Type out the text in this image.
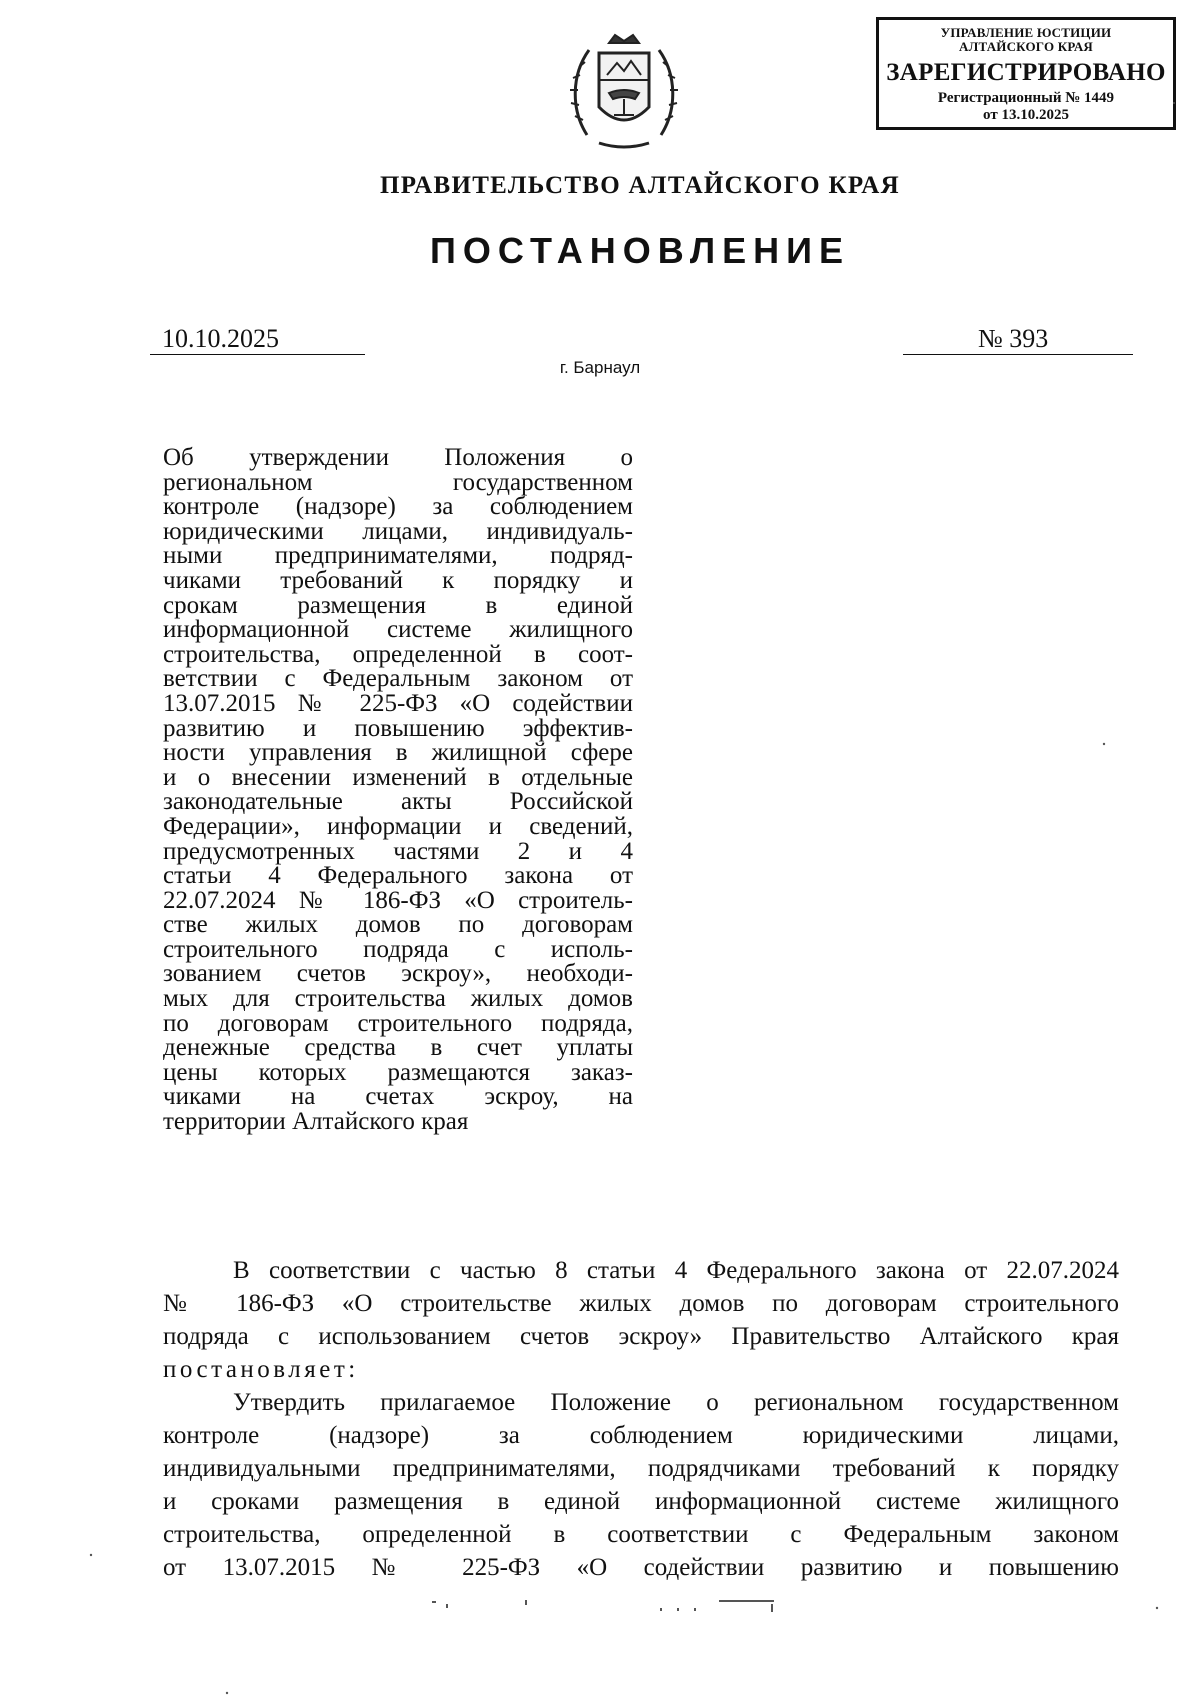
УПРАВЛЕНИЕ ЮСТИЦИИ
АЛТАЙСКОГО КРАЯ
ЗАРЕГИСТРИРОВАНО
Регистрационный № 1449
от 13.10.2025
ПРАВИТЕЛЬСТВО АЛТАЙСКОГО КРАЯ
ПОСТАНОВЛЕНИЕ
10.10.2025	№ 393
г. Барнаул
Об утверждении Положения о
региональном государственном
контроле (надзоре) за соблюдением
юридическими лицами, индивидуаль-
ными предпринимателями, подряд-
чиками требований к порядку и
срокам размещения в единой
информационной системе жилищного
строительства, определенной в соот-
ветствии с Федеральным законом от
13.07.2015 № 225-ФЗ «О содействии
развитию и повышению эффектив-
ности управления в жилищной сфере
и о внесении изменений в отдельные
законодательные акты Российской
Федерации», информации и сведений,
предусмотренных частями 2 и 4
статьи 4 Федерального закона от
22.07.2024 № 186-ФЗ «О строитель-
стве жилых домов по договорам
строительного подряда с исполь-
зованием счетов эскроу», необходи-
мых для строительства жилых домов
по договорам строительного подряда,
денежные средства в счет уплаты
цены которых размещаются заказ-
чиками на счетах эскроу, на
территории Алтайского края
В соответствии с частью 8 статьи 4 Федерального закона от 22.07.2024
№ 186-ФЗ «О строительстве жилых домов по договорам строительного
подряда с использованием счетов эскроу» Правительство Алтайского края
постановляет:
Утвердить прилагаемое Положение о региональном государственном
контроле (надзоре) за соблюдением юридическими лицами,
индивидуальными предпринимателями, подрядчиками требований к порядку
и сроками размещения в единой информационной системе жилищного
строительства, определенной в соответствии с Федеральным законом
от 13.07.2015 № 225-ФЗ «О содействии развитию и повышению
